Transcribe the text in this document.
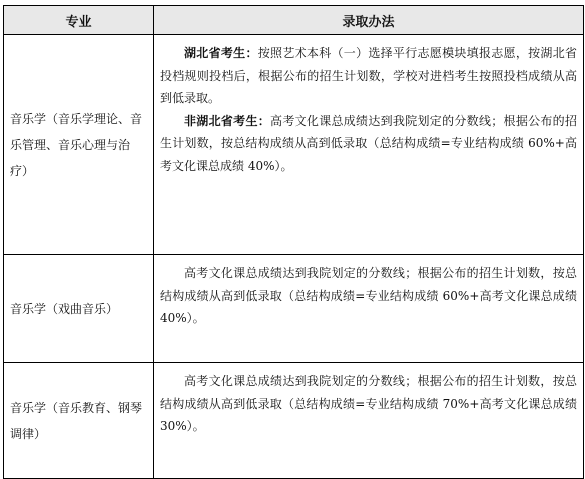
专业	录取办法
音乐学（音乐学理论、音乐管理、音乐心理与治疗）	湖北省考生：按照艺术本科（一）选择平行志愿模块填报志愿，按湖北省投档规则投档后，根据公布的招生计划数，学校对进档考生按照投档成绩从高到低录取。

非湖北省考生：高考文化课总成绩达到我院划定的分数线；根据公布的招生计划数，按总结构成绩从高到低录取（总结构成绩=专业结构成绩 60%+高考文化课总成绩 40%）。

音乐学（戏曲音乐）	高考文化课总成绩达到我院划定的分数线；根据公布的招生计划数，按总结构成绩从高到低录取（总结构成绩=专业结构成绩 60%+高考文化课总成绩 40%）。

音乐学（音乐教育、钢琴调律）	高考文化课总成绩达到我院划定的分数线；根据公布的招生计划数，按总结构成绩从高到低录取（总结构成绩=专业结构成绩 70%+高考文化课总成绩 30%）。
